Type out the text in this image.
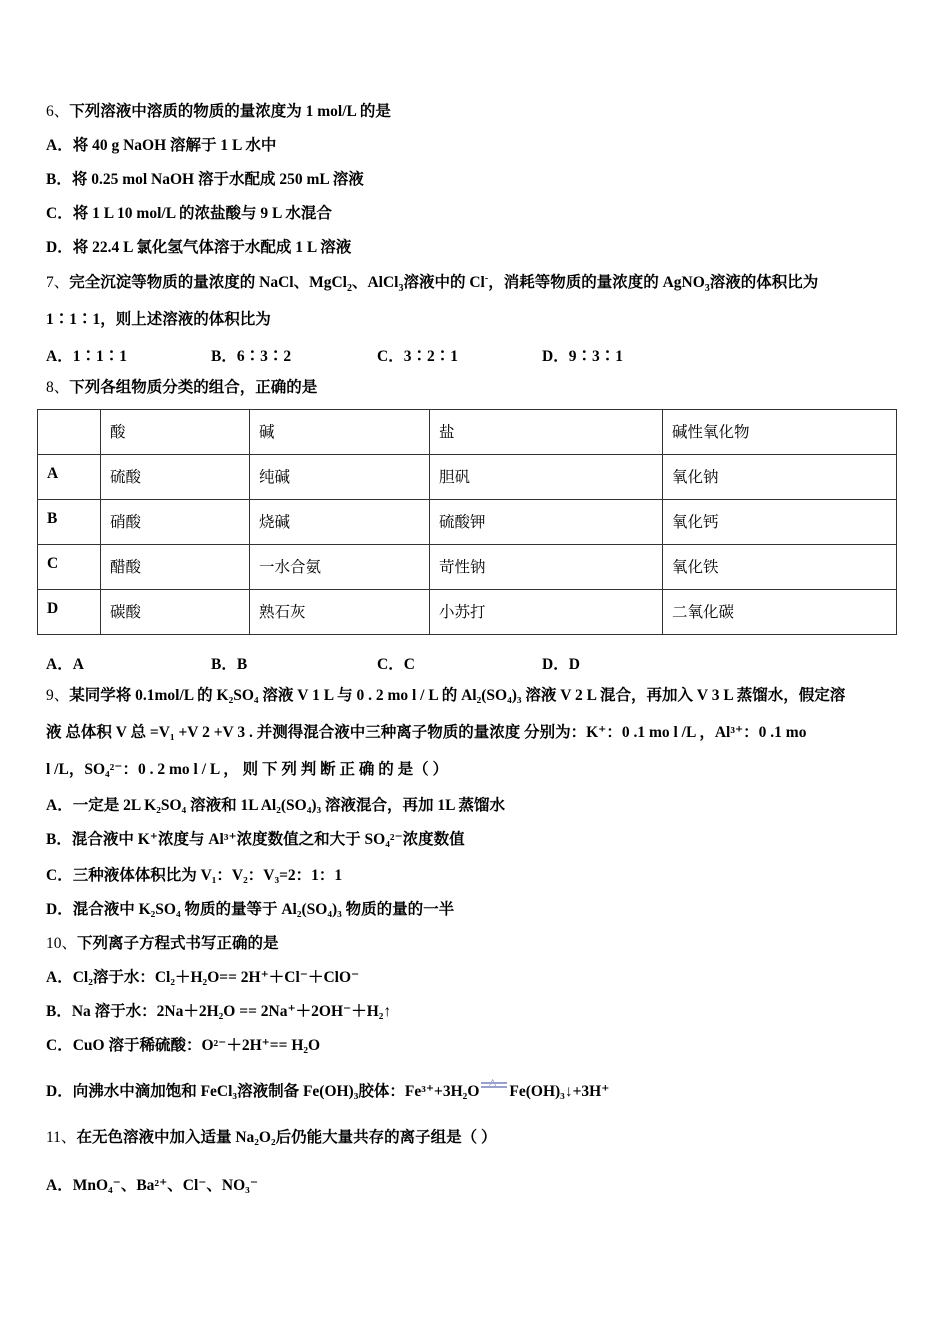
6、下列溶液中溶质的物质的量浓度为 1 mol/L 的是
A．将 40 g NaOH 溶解于 1 L 水中
B．将 0.25 mol NaOH 溶于水配成 250 mL 溶液
C．将 1 L 10 mol/L 的浓盐酸与 9 L 水混合
D．将 22.4 L 氯化氢气体溶于水配成 1 L 溶液
7、完全沉淀等物质的量浓度的 NaCl、MgCl$_2$、AlCl$_3$溶液中的 Cl-，消耗等物质的量浓度的 AgNO$_3$溶液的体积比为
1∶1∶1，则上述溶液的体积比为
A．1∶1∶1	B．6∶3∶2	C．3∶2∶1	D．9∶3∶1
8、下列各组物质分类的组合，正确的是
	酸	碱	盐	碱性氧化物
A	硫酸	纯碱	胆矾	氧化钠
B	硝酸	烧碱	硫酸钾	氧化钙
C	醋酸	一水合氨	苛性钠	氧化铁
D	碳酸	熟石灰	小苏打	二氧化碳
A．A	B．B	C．C	D．D
9、某同学将 0.1mol/L 的 K₂SO₄ 溶液 V 1 L 与 0 . 2 mo l / L 的 Al₂(SO₄)₃ 溶液 V 2 L 混合，再加入 V 3 L 蒸馏水，假定溶
液 总体积 V 总 =V₁ +V 2 +V 3 . 并测得混合液中三种离子物质的量浓度 分别为：K⁺：0 .1 mo l /L ，Al³⁺：0 .1 mo
l /L，SO₄²⁻：0 . 2 mo l / L ， 则 下 列 判 断 正 确 的 是（ ）
A．一定是 2L K₂SO₄ 溶液和 1L Al₂(SO₄)₃ 溶液混合，再加 1L 蒸馏水
B．混合液中 K⁺浓度与 Al³⁺浓度数值之和大于 SO₄²⁻浓度数值
C．三种液体体积比为 V₁：V₂：V₃=2：1：1
D．混合液中 K₂SO₄ 物质的量等于 Al₂(SO₄)₃ 物质的量的一半
10、下列离子方程式书写正确的是
A．Cl₂溶于水：Cl₂＋H₂O== 2H⁺＋Cl⁻＋ClO⁻
B．Na 溶于水：2Na＋2H₂O == 2Na⁺＋2OH⁻＋H₂↑
C．CuO 溶于稀硫酸：O²⁻＋2H⁺== H₂O
D．向沸水中滴加饱和 FeCl₃溶液制备 Fe(OH)₃胶体：Fe³⁺+3H₂O Fe(OH)₃↓+3H⁺
11、在无色溶液中加入适量 Na₂O₂后仍能大量共存的离子组是（ ）
A．MnO₄⁻、Ba²⁺、Cl⁻、NO₃⁻
